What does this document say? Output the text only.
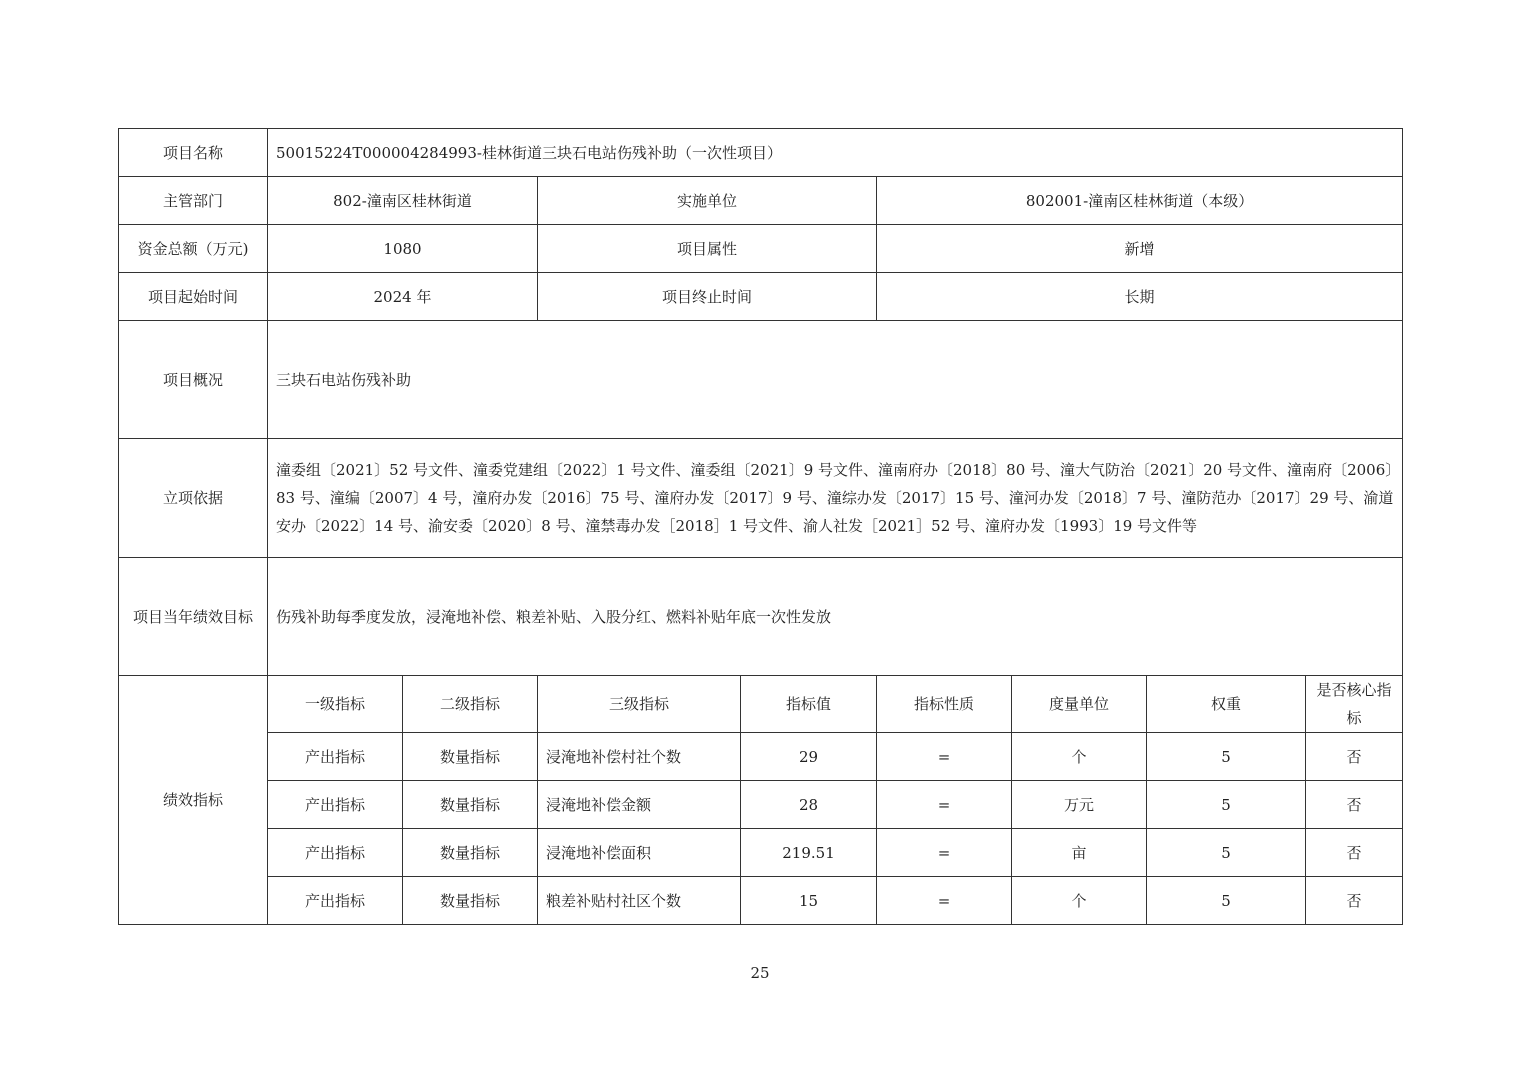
项目名称	50015224T000004284993-桂林街道三块石电站伤残补助（一次性项目）							
主管部门	802-潼南区桂林街道		实施单位		802001-潼南区桂林街道（本级）			
资金总额（万元)	1080		项目属性		新增			
项目起始时间	2024 年		项目终止时间		长期			
项目概况	三块石电站伤残补助							
立项依据	潼委组〔2021〕52 号文件、潼委党建组〔2022〕1 号文件、潼委组〔2021〕9 号文件、潼南府办〔2018〕80 号、潼大气防治〔2021〕20 号文件、潼南府〔2006〕83 号、潼编〔2007〕4 号，潼府办发〔2016〕75 号、潼府办发〔2017〕9 号、潼综办发〔2017〕15 号、潼河办发〔2018〕7 号、潼防范办〔2017〕29 号、渝道安办〔2022〕14 号、渝安委〔2020〕8 号、潼禁毒办发［2018］1 号文件、渝人社发［2021］52 号、潼府办发〔1993〕19 号文件等							
项目当年绩效目标	伤残补助每季度发放，浸淹地补偿、粮差补贴、入股分红、燃料补贴年底一次性发放							
绩效指标	一级指标	二级指标	三级指标	指标值	指标性质	度量单位	权重	是否核心指标
	产出指标	数量指标	浸淹地补偿村社个数	29	=	个	5	否
	产出指标	数量指标	浸淹地补偿金额	28	=	万元	5	否
	产出指标	数量指标	浸淹地补偿面积	219.51	=	亩	5	否
	产出指标	数量指标	粮差补贴村社区个数	15	=	个	5	否
25
